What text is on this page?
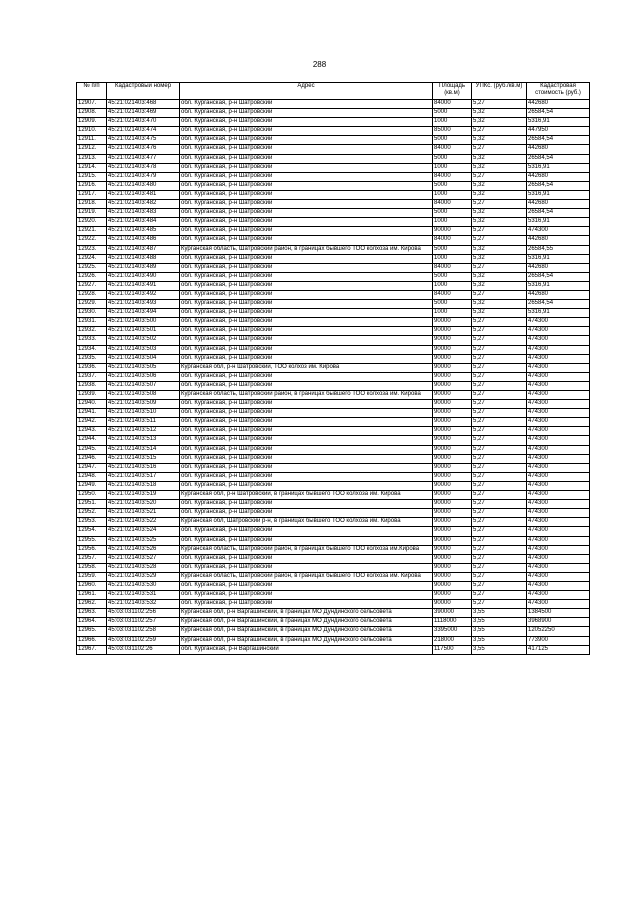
288
№ п/п	Кадастровый номер	Адрес	Площадь (кв.м)	УПКс. (руб./кв.м)	Кадастровая стоимость (руб.)
12907.	45:21:021403:468	обл. Курганская, р-н Шатровский	84000	5,27	442680
12908.	45:21:021403:469	обл. Курганская, р-н Шатровский	5000	5,32	26584,54
12909.	45:21:021403:470	обл. Курганская, р-н Шатровский	1000	5,32	5316,91
12910.	45:21:021403:474	обл. Курганская, р-н Шатровский	85000	5,27	447950
12911.	45:21:021403:475	обл. Курганская, р-н Шатровский	5000	5,32	26584,54
12912.	45:21:021403:476	обл. Курганская, р-н Шатровский	84000	5,27	442680
12913.	45:21:021403:477	обл. Курганская, р-н Шатровский	5000	5,32	26584,54
12914.	45:21:021403:478	обл. Курганская, р-н Шатровский	1000	5,32	5316,91
12915.	45:21:021403:479	обл. Курганская, р-н Шатровский	84000	5,27	442680
12916.	45:21:021403:480	обл. Курганская, р-н Шатровский	5000	5,32	26584,54
12917.	45:21:021403:481	обл. Курганская, р-н Шатровский	1000	5,32	5316,91
12918.	45:21:021403:482	обл. Курганская, р-н Шатровский	84000	5,27	442680
12919.	45:21:021403:483	обл. Курганская, р-н Шатровский	5000	5,32	26584,54
12920.	45:21:021403:484	обл. Курганская, р-н Шатровский	1000	5,32	5316,91
12921.	45:21:021403:485	обл. Курганская, р-н Шатровский	90000	5,27	474300
12922.	45:21:021403:486	обл. Курганская, р-н Шатровский	84000	5,27	442680
12923.	45:21:021403:487	Курганская область, Шатровский район, в границах бывшего ТОО колхоза им. Кирова	5000	5,32	26584,55
12924.	45:21:021403:488	обл. Курганская, р-н Шатровский	1000	5,32	5316,91
12925.	45:21:021403:489	обл. Курганская, р-н Шатровский	84000	5,27	442680
12926.	45:21:021403:490	обл. Курганская, р-н Шатровский	5000	5,32	26584,54
12927.	45:21:021403:491	обл. Курганская, р-н Шатровский	1000	5,32	5316,91
12928.	45:21:021403:492	обл. Курганская, р-н Шатровский	84000	5,27	442680
12929.	45:21:021403:493	обл. Курганская, р-н Шатровский	5000	5,32	26584,54
12930.	45:21:021403:494	обл. Курганская, р-н Шатровский	1000	5,32	5316,91
12931.	45:21:021403:500	обл. Курганская, р-н Шатровский	90000	5,27	474300
12932.	45:21:021403:501	обл. Курганская, р-н Шатровский	90000	5,27	474300
12933.	45:21:021403:502	обл. Курганская, р-н Шатровский	90000	5,27	474300
12934.	45:21:021403:503	обл. Курганская, р-н Шатровский	90000	5,27	474300
12935.	45:21:021403:504	обл. Курганская, р-н Шатровский	90000	5,27	474300
12936.	45:21:021403:505	Курганская обл, р-н Шатровский, ТОО колхоз им. Кирова	90000	5,27	474300
12937.	45:21:021403:506	обл. Курганская, р-н Шатровский	90000	5,27	474300
12938.	45:21:021403:507	обл. Курганская, р-н Шатровский	90000	5,27	474300
12939.	45:21:021403:508	Курганская область, Шатровский район, в границах бывшего ТОО колхоза им. Кирова	90000	5,27	474300
12940.	45:21:021403:509	обл. Курганская, р-н Шатровский	90000	5,27	474300
12941.	45:21:021403:510	обл. Курганская, р-н Шатровский	90000	5,27	474300
12942.	45:21:021403:511	обл. Курганская, р-н Шатровский	90000	5,27	474300
12943.	45:21:021403:512	обл. Курганская, р-н Шатровский	90000	5,27	474300
12944.	45:21:021403:513	обл. Курганская, р-н Шатровский	90000	5,27	474300
12945.	45:21:021403:514	обл. Курганская, р-н Шатровский	90000	5,27	474300
12946.	45:21:021403:515	обл. Курганская, р-н Шатровский	90000	5,27	474300
12947.	45:21:021403:516	обл. Курганская, р-н Шатровский	90000	5,27	474300
12948.	45:21:021403:517	обл. Курганская, р-н Шатровский	90000	5,27	474300
12949.	45:21:021403:518	обл. Курганская, р-н Шатровский	90000	5,27	474300
12950.	45:21:021403:519	Курганская обл, р-н Шатровский, в границах бывшего ТОО колхоза им. Кирова	90000	5,27	474300
12951.	45:21:021403:520	обл. Курганская, р-н Шатровский	90000	5,27	474300
12952.	45:21:021403:521	обл. Курганская, р-н Шатровский	90000	5,27	474300
12953.	45:21:021403:522	Курганская обл, Шатровский р-н, в границах бывшего ТОО колхоза им. Кирова	90000	5,27	474300
12954.	45:21:021403:524	обл. Курганская, р-н Шатровский	90000	5,27	474300
12955.	45:21:021403:525	обл. Курганская, р-н Шатровский	90000	5,27	474300
12956.	45:21:021403:526	Курганская область, Шатровский район, в границах бывшего ТОО колхоза им.Кирова	90000	5,27	474300
12957.	45:21:021403:527	обл. Курганская, р-н Шатровский	90000	5,27	474300
12958.	45:21:021403:528	обл. Курганская, р-н Шатровский	90000	5,27	474300
12959.	45:21:021403:529	Курганская область, Шатровский район, в границах бывшего ТОО колхоза им. Кирова	90000	5,27	474300
12960.	45:21:021403:530	обл. Курганская, р-н Шатровский	90000	5,27	474300
12961.	45:21:021403:531	обл. Курганская, р-н Шатровский	90000	5,27	474300
12962.	45:21:021403:532	обл. Курганская, р-н Шатровский	90000	5,27	474300
12963.	45:03:031102:256	Курганская обл, р-н Варгашинский, в границах МО Дундинского сельсовета	390000	3,55	1384500
12964.	45:03:031102:257	Курганская обл, р-н Варгашинский, в границах МО Дундинского сельсовета	1118000	3,55	3968900
12965.	45:03:031102:258	Курганская обл, р-н Варгашинский, в границах МО Дундинского сельсовета	3395000	3,55	12052250
12966.	45:03:031102:259	Курганская обл, р-н Варгашинский, в границах МО Дундинского сельсовета	218000	3,55	773900
12967.	45:03:031102:26	обл. Курганская, р-н Варгашинский	117500	3,55	417125
